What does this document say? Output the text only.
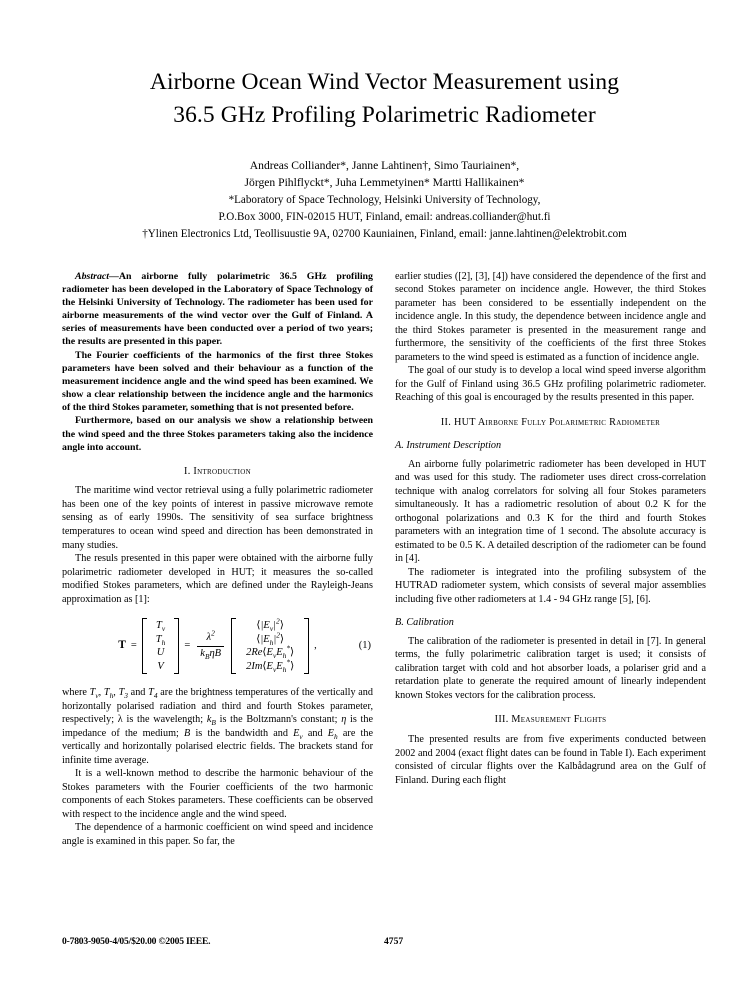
Airborne Ocean Wind Vector Measurement using
36.5 GHz Profiling Polarimetric Radiometer
Andreas Colliander*, Janne Lahtinen†, Simo Tauriainen*,
Jörgen Pihlflyckt*, Juha Lemmetyinen* Martti Hallikainen*
*Laboratory of Space Technology, Helsinki University of Technology,
P.O.Box 3000, FIN-02015 HUT, Finland, email: andreas.colliander@hut.fi
†Ylinen Electronics Ltd, Teollisuustie 9A, 02700 Kauniainen, Finland, email: janne.lahtinen@elektrobit.com

Abstract—An airborne fully polarimetric 36.5 GHz profiling radiometer has been developed in the Laboratory of Space Technology of the Helsinki University of Technology. The radiometer has been used for airborne measurements of the wind vector over the Gulf of Finland. A series of measurements have been conducted over a period of two years; the results are presented in this paper.

The Fourier coefficients of the harmonics of the first three Stokes parameters have been solved and their behaviour as a function of the measurement incidence angle and the wind speed has been examined. We show a clear relationship between the incidence angle and the harmonics of the third Stokes parameter, something that is not presented before.

Furthermore, based on our analysis we show a relationship between the wind speed and the three Stokes parameters taking also the incidence angle into account.

I. Introduction

The maritime wind vector retrieval using a fully polarimetric radiometer has been one of the key points of interest in passive microwave remote sensing as of early 1990s. The sensitivity of sea surface brightness temperatures to ocean wind speed and direction has been demonstrated in many studies.

The resuls presented in this paper were obtained with the airborne fully polarimetric radiometer developed in HUT; it measures the so-called modified Stokes parameters, which are defined under the Rayleigh-Jeans approximation as [1]:

T =
$T_v$
$T_h$
U
V
= $\frac{\lambda^2}{k_B\eta B}$
$⟨|E_v|^2⟩$
$⟨|E_h|^2⟩$
$2Re⟨E_vE_h^*⟩$
$2Im⟨E_vE_h^*⟩$
,	(1)

where $T_v$, $T_h$, $T_3$ and $T_4$ are the brightness temperatures of the vertically and horizontally polarised radiation and third and fourth Stokes parameter, respectively; λ is the wavelength; $k_B$ is the Boltzmann's constant; η is the impedance of the medium; B is the bandwidth and $E_v$ and $E_h$ are the vertically and horizontally polarised electric fields. The brackets stand for infinite time average.

It is a well-known method to describe the harmonic behaviour of the Stokes parameters with the Fourier coefficients of the two harmonic components of each Stokes parameters. These coefficients can be observed with respect to the incidence angle and the wind speed.

The dependence of a harmonic coefficient on wind speed and incidence angle is examined in this paper. So far, the

earlier studies ([2], [3], [4]) have considered the dependence of the first and second Stokes parameter on incidence angle. However, the third Stokes parameter has been considered to be essentially independent on the incidence angle. In this study, the dependence between incidence angle and the third Stokes parameter is presented in the measurement range and furthermore, the sensitivity of the coefficients of the first three Stokes parameters to the wind speed is estimated as a function of incidence angle.

The goal of our study is to develop a local wind speed inverse algorithm for the Gulf of Finland using 36.5 GHz profiling polarimetric radiometer. Reaching of this goal is encouraged by the results presented in this paper.

II. HUT Airborne Fully Polarimetric Radiometer
A. Instrument Description

An airborne fully polarimetric radiometer has been developed in HUT and was used for this study. The radiometer uses direct cross-correlation technique with analog correlators for solving all four Stokes parameters simultaneously. It has a radiometric resolution of about 0.2 K for the orthogonal polarizations and 0.3 K for the third and fourth Stokes parameters with an integration time of 1 second. The absolute accuracy is estimated to be 0.5 K. A detailed description of the radiometer can be found in [4].

The radiometer is integrated into the profiling subsystem of the HUTRAD radiometer system, which consists of several major assemblies including five other radiometers at 1.4 - 94 GHz range [5], [6].

B. Calibration

The calibration of the radiometer is presented in detail in [7]. In general terms, the fully polarimetric calibration target is used; it consists of calibration target with cold and hot absorber loads, a polariser grid and a retardation plate to generate the required amount of linearly independent known Stokes vectors for the calibration process.

III. Measurement Flights

The presented results are from five experiments conducted between 2002 and 2004 (exact flight dates can be found in Table I). Each experiment consisted of circular flights over the Kalbådagrund area on the Gulf of Finland. During each flight

0-7803-9050-4/05/$20.00 ©2005 IEEE.	4757
